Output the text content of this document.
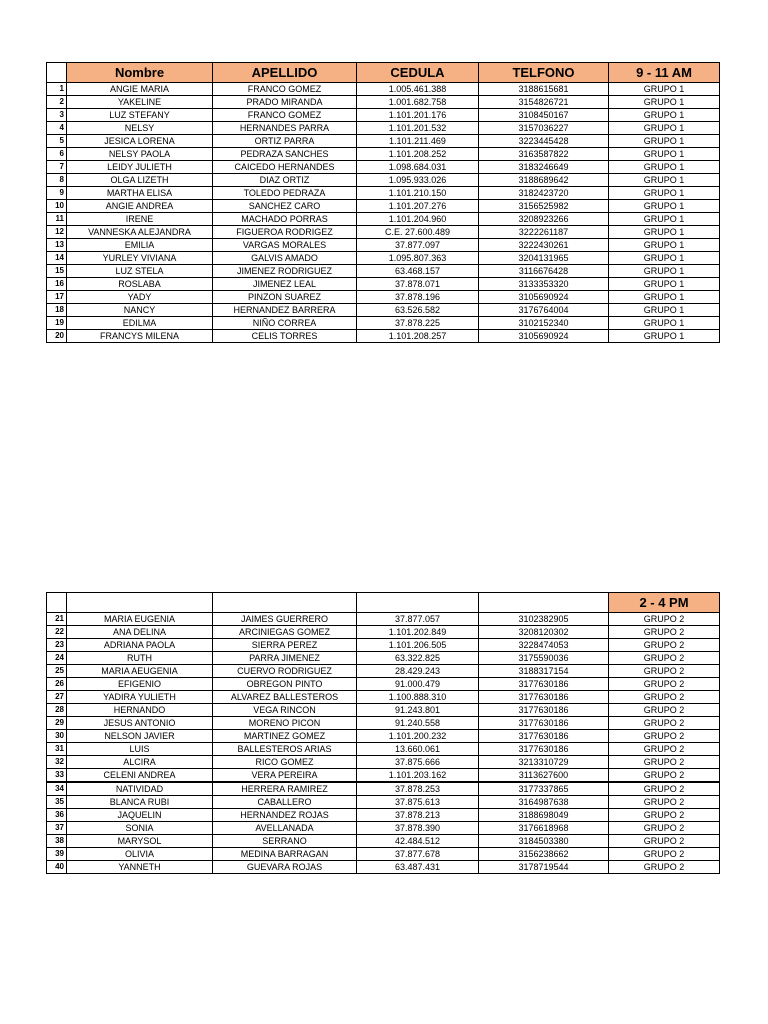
	Nombre	APELLIDO	CEDULA	TELFONO	9 - 11 AM
1	ANGIE MARIA	FRANCO GOMEZ	1.005.461.388	3188615681	GRUPO 1
2	YAKELINE	PRADO MIRANDA	1.001.682.758	3154826721	GRUPO 1
3	LUZ STEFANY	FRANCO GOMEZ	1.101.201.176	3108450167	GRUPO 1
4	NELSY	HERNANDES PARRA	1.101.201.532	3157036227	GRUPO 1
5	JESICA LORENA	ORTIZ PARRA	1.101.211.469	3223445428	GRUPO 1
6	NELSY PAOLA	PEDRAZA SANCHES	1.101.208.252	3163587822	GRUPO 1
7	LEIDY JULIETH	CAICEDO HERNANDES	1.098.684.031	3183246649	GRUPO 1
8	OLGA LIZETH	DIAZ ORTIZ	1.095.933.026	3188689642	GRUPO 1
9	MARTHA ELISA	TOLEDO PEDRAZA	1.101.210.150	3182423720	GRUPO 1
10	ANGIE ANDREA	SANCHEZ CARO	1.101.207.276	3156525982	GRUPO 1
11	IRENE	MACHADO PORRAS	1.101.204.960	3208923266	GRUPO 1
12	VANNESKA ALEJANDRA	FIGUEROA RODRIGEZ	C.E. 27.600.489	3222261187	GRUPO 1
13	EMILIA	VARGAS MORALES	37.877.097	3222430261	GRUPO 1
14	YURLEY VIVIANA	GALVIS AMADO	1.095.807.363	3204131965	GRUPO 1
15	LUZ STELA	JIMENEZ RODRIGUEZ	63.468.157	3116676428	GRUPO 1
16	ROSLABA	JIMENEZ LEAL	37.878.071	3133353320	GRUPO 1
17	YADY	PINZON SUAREZ	37.878.196	3105690924	GRUPO 1
18	NANCY	HERNANDEZ BARRERA	63.526.582	3176764004	GRUPO 1
19	EDILMA	NIÑO CORREA	37.878.225	3102152340	GRUPO 1
20	FRANCYS MILENA	CELIS TORRES	1.101.208.257	3105690924	GRUPO 1
					2 - 4 PM
21	MARIA EUGENIA	JAIMES GUERRERO	37.877.057	3102382905	GRUPO 2
22	ANA DELINA	ARCINIEGAS GOMEZ	1.101.202.849	3208120302	GRUPO 2
23	ADRIANA PAOLA	SIERRA PEREZ	1.101.206.505	3228474053	GRUPO 2
24	RUTH	PARRA JIMENEZ	63.322.825	3175590036	GRUPO 2
25	MARIA AEUGENIA	CUERVO RODRIGUEZ	28.429.243	3188317154	GRUPO 2
26	EFIGENIO	OBREGON PINTO	91.000.479	3177630186	GRUPO 2
27	YADIRA YULIETH	ALVAREZ BALLESTEROS	1.100.888.310	3177630186	GRUPO 2
28	HERNANDO	VEGA RINCON	91.243.801	3177630186	GRUPO 2
29	JESUS ANTONIO	MORENO PICON	91.240.558	3177630186	GRUPO 2
30	NELSON JAVIER	MARTINEZ GOMEZ	1.101.200.232	3177630186	GRUPO 2
31	LUIS	BALLESTEROS ARIAS	13.660.061	3177630186	GRUPO 2
32	ALCIRA	RICO GOMEZ	37.875.666	3213310729	GRUPO 2
33	CELENI ANDREA	VERA PEREIRA	1.101.203.162	3113627600	GRUPO 2
34	NATIVIDAD	HERRERA RAMIREZ	37.878.253	3177337865	GRUPO 2
35	BLANCA RUBI	CABALLERO	37.875.613	3164987638	GRUPO 2
36	JAQUELIN	HERNANDEZ ROJAS	37.878.213	3188698049	GRUPO 2
37	SONIA	AVELLANADA	37.878.390	3176618968	GRUPO 2
38	MARYSOL	SERRANO	42.484.512	3184503380	GRUPO 2
39	OLIVIA	MEDINA BARRAGAN	37.877.678	3156238662	GRUPO 2
40	YANNETH	GUEVARA ROJAS	63.487.431	3178719544	GRUPO 2
